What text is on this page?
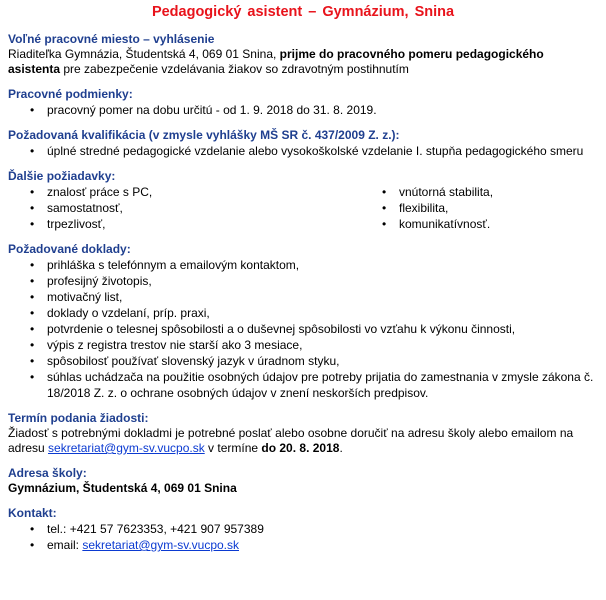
Pedagogický asistent – Gymnázium, Snina
Voľné pracovné miesto – vyhlásenie
Riaditeľka Gymnázia, Študentská 4, 069 01 Snina, prijme do pracovného pomeru pedagogického asistenta pre zabezpečenie vzdelávania žiakov so zdravotným postihnutím
Pracovné podmienky:
• pracovný pomer na dobu určitú - od 1. 9. 2018 do 31. 8. 2019.
Požadovaná kvalifikácia (v zmysle vyhlášky MŠ SR č. 437/2009 Z. z.):
• úplné stredné pedagogické vzdelanie alebo vysokoškolské vzdelanie I. stupňa pedagogického smeru
Ďalšie požiadavky:
• znalosť práce s PC,
• samostatnosť,
• trpezlivosť,
• vnútorná stabilita,
• flexibilita,
• komunikatívnosť.
Požadované doklady:
• prihláška s telefónnym a emailovým kontaktom,
• profesijný životopis,
• motivačný list,
• doklady o vzdelaní, príp. praxi,
• potvrdenie o telesnej spôsobilosti a o duševnej spôsobilosti vo vzťahu k výkonu činnosti,
• výpis z registra trestov nie starší ako 3 mesiace,
• spôsobilosť používať slovenský jazyk v úradnom styku,
• súhlas uchádzača na použitie osobných údajov pre potreby prijatia do zamestnania v zmysle zákona č. 18/2018 Z. z. o ochrane osobných údajov v znení neskorších predpisov.
Termín podania žiadosti:
Žiadosť s potrebnými dokladmi je potrebné poslať alebo osobne doručiť na adresu školy alebo emailom na adresu sekretariat@gym-sv.vucpo.sk v termíne do 20. 8. 2018.
Adresa školy:
Gymnázium, Študentská 4, 069 01 Snina
Kontakt:
• tel.: +421 57 7623353, +421 907 957389
• email: sekretariat@gym-sv.vucpo.sk
